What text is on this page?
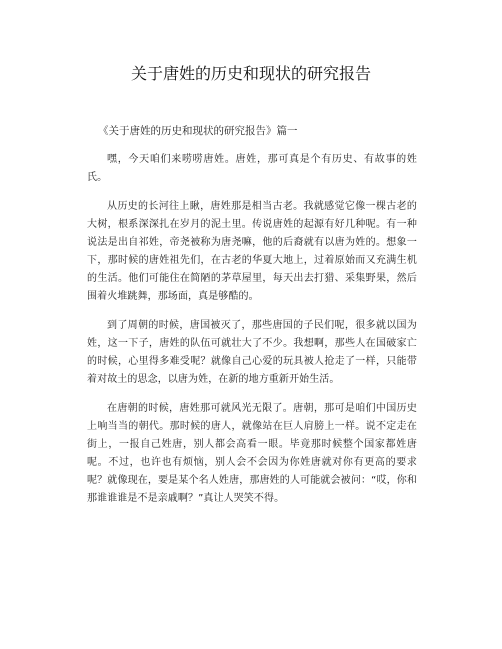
关于唐姓的历史和现状的研究报告

《关于唐姓的历史和现状的研究报告》篇一

嘿，今天咱们来唠唠唐姓。唐姓，那可真是个有历史、有故事的姓氏。

从历史的长河往上瞅，唐姓那是相当古老。我就感觉它像一棵古老的大树，根系深深扎在岁月的泥土里。传说唐姓的起源有好几种呢。有一种说法是出自祁姓，帝尧被称为唐尧嘛，他的后裔就有以唐为姓的。想象一下，那时候的唐姓祖先们，在古老的华夏大地上，过着原始而又充满生机的生活。他们可能住在简陋的茅草屋里，每天出去打猎、采集野果，然后围着火堆跳舞，那场面，真是够酷的。

到了周朝的时候，唐国被灭了，那些唐国的子民们呢，很多就以国为姓，这一下子，唐姓的队伍可就壮大了不少。我想啊，那些人在国破家亡的时候，心里得多难受呢？就像自己心爱的玩具被人抢走了一样，只能带着对故土的思念，以唐为姓，在新的地方重新开始生活。

在唐朝的时候，唐姓那可就风光无限了。唐朝，那可是咱们中国历史上响当当的朝代。那时候的唐人，就像站在巨人肩膀上一样。说不定走在街上，一报自己姓唐，别人都会高看一眼。毕竟那时候整个国家都姓唐呢。不过，也许也有烦恼，别人会不会因为你姓唐就对你有更高的要求呢？就像现在，要是某个名人姓唐，那唐姓的人可能就会被问：“哎，你和那谁谁谁是不是亲戚啊？”真让人哭笑不得。
